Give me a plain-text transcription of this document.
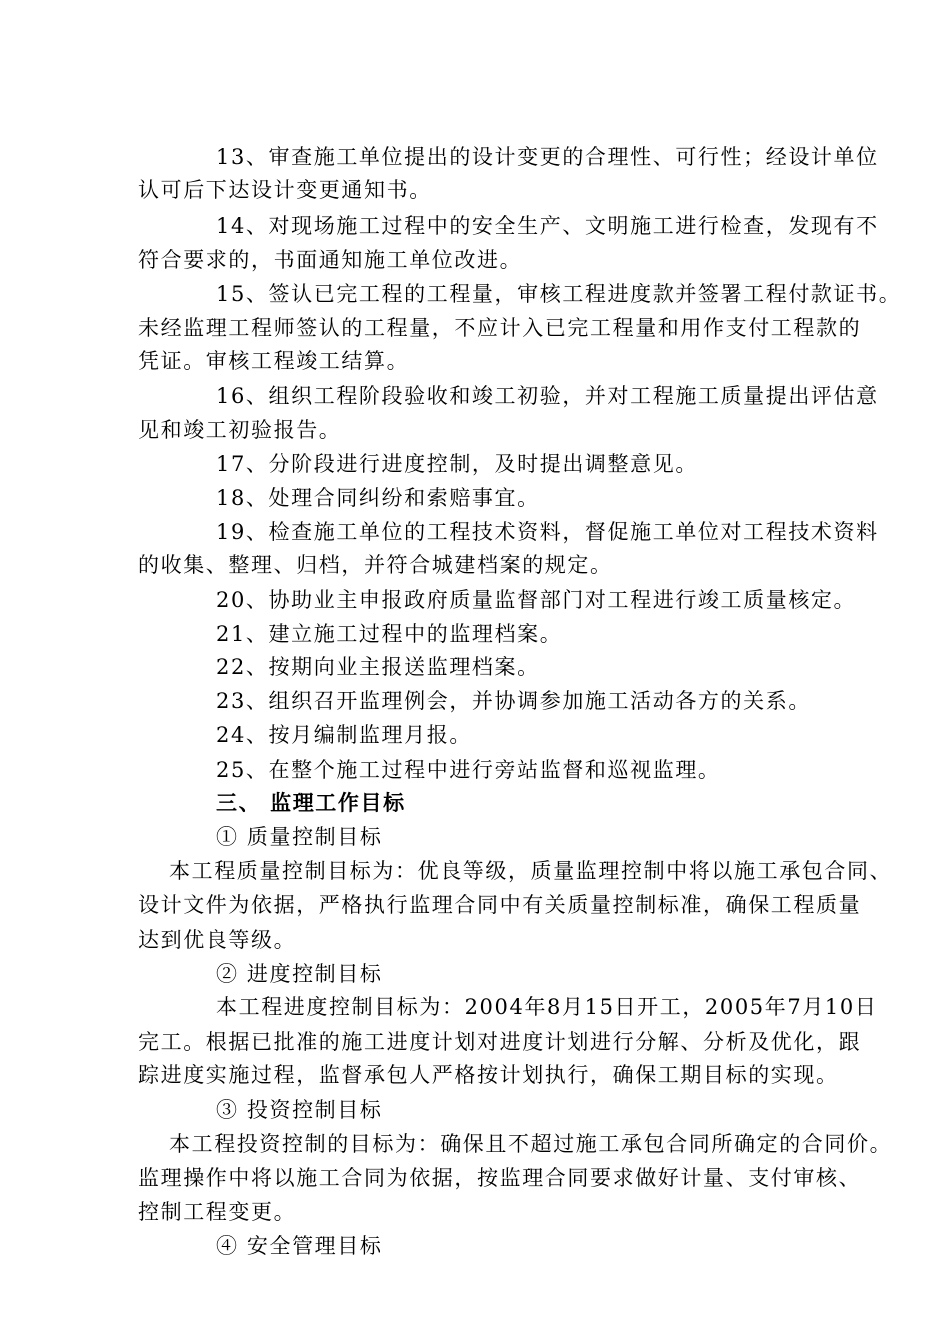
13、审查施工单位提出的设计变更的合理性、可行性；经设计单位
认可后下达设计变更通知书。
14、对现场施工过程中的安全生产、文明施工进行检查，发现有不
符合要求的，书面通知施工单位改进。
15、签认已完工程的工程量，审核工程进度款并签署工程付款证书。
未经监理工程师签认的工程量，不应计入已完工程量和用作支付工程款的
凭证。审核工程竣工结算。
16、组织工程阶段验收和竣工初验，并对工程施工质量提出评估意
见和竣工初验报告。
17、分阶段进行进度控制，及时提出调整意见。
18、处理合同纠纷和索赔事宜。
19、检查施工单位的工程技术资料，督促施工单位对工程技术资料
的收集、整理、归档，并符合城建档案的规定。
20、协助业主申报政府质量监督部门对工程进行竣工质量核定。
21、建立施工过程中的监理档案。
22、按期向业主报送监理档案。
23、组织召开监理例会，并协调参加施工活动各方的关系。
24、按月编制监理月报。
25、在整个施工过程中进行旁站监督和巡视监理。
三、 监理工作目标
① 质量控制目标
本工程质量控制目标为：优良等级，质量监理控制中将以施工承包合同、
设计文件为依据，严格执行监理合同中有关质量控制标准，确保工程质量
达到优良等级。
② 进度控制目标
本工程进度控制目标为：2004年8月15日开工，2005年7月10日
完工。根据已批准的施工进度计划对进度计划进行分解、分析及优化，跟
踪进度实施过程，监督承包人严格按计划执行，确保工期目标的实现。
③ 投资控制目标
本工程投资控制的目标为：确保且不超过施工承包合同所确定的合同价。
监理操作中将以施工合同为依据，按监理合同要求做好计量、支付审核、
控制工程变更。
④ 安全管理目标
